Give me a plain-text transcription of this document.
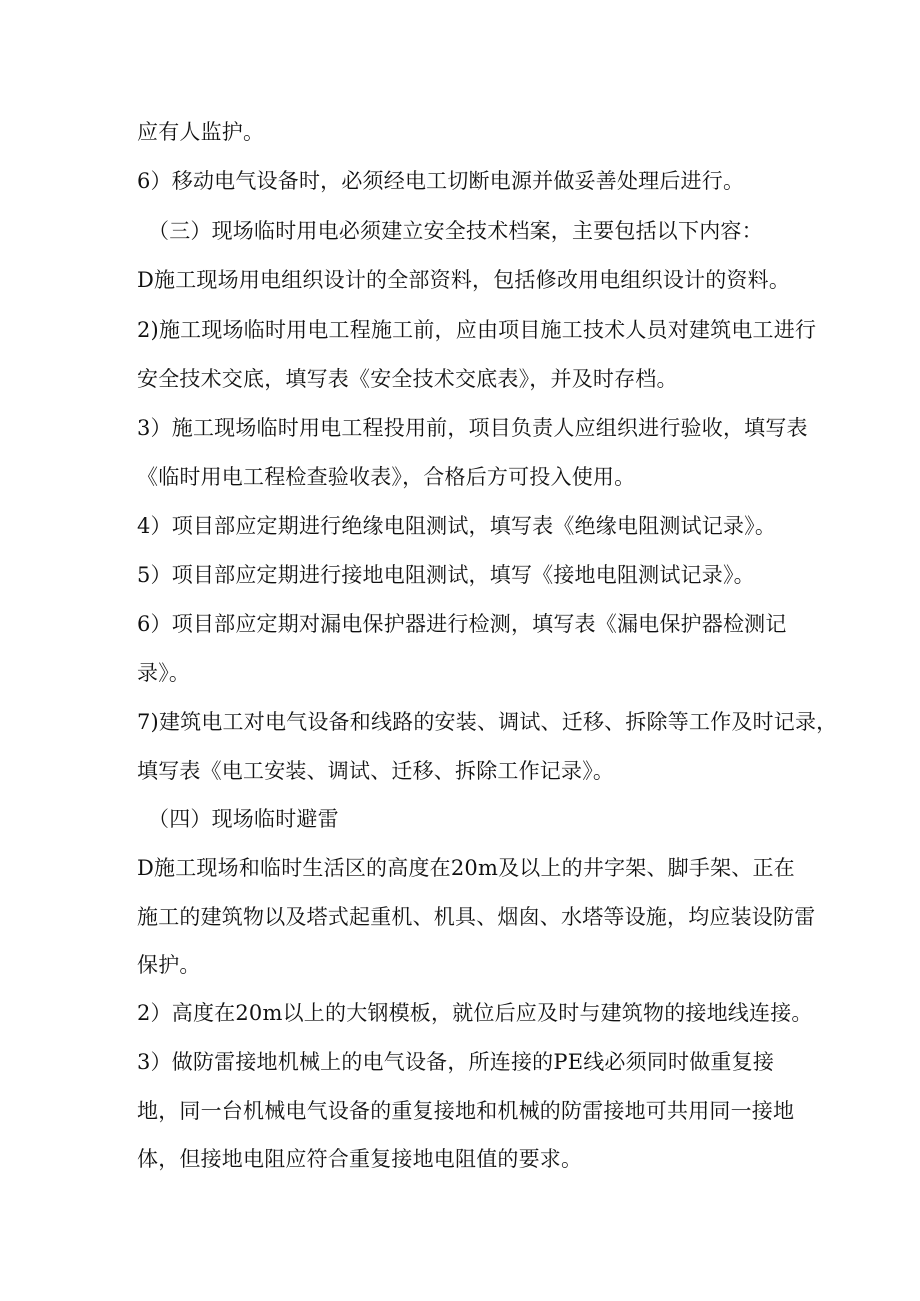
应有人监护。
6）移动电气设备时，必须经电工切断电源并做妥善处理后进行。
（三）现场临时用电必须建立安全技术档案，主要包括以下内容：
D施工现场用电组织设计的全部资料，包括修改用电组织设计的资料。
2)施工现场临时用电工程施工前，应由项目施工技术人员对建筑电工进行
安全技术交底，填写表《安全技术交底表》，并及时存档。
3）施工现场临时用电工程投用前，项目负责人应组织进行验收，填写表
《临时用电工程检查验收表》，合格后方可投入使用。
4）项目部应定期进行绝缘电阻测试，填写表《绝缘电阻测试记录》。
5）项目部应定期进行接地电阻测试，填写《接地电阻测试记录》。
6）项目部应定期对漏电保护器进行检测，填写表《漏电保护器检测记
录》。
7)建筑电工对电气设备和线路的安装、调试、迁移、拆除等工作及时记录，
填写表《电工安装、调试、迁移、拆除工作记录》。
（四）现场临时避雷
D施工现场和临时生活区的高度在20m及以上的井字架、脚手架、正在
施工的建筑物以及塔式起重机、机具、烟囱、水塔等设施，均应装设防雷
保护。
2）高度在20m以上的大钢模板，就位后应及时与建筑物的接地线连接。
3）做防雷接地机械上的电气设备，所连接的PE线必须同时做重复接
地，同一台机械电气设备的重复接地和机械的防雷接地可共用同一接地
体，但接地电阻应符合重复接地电阻值的要求。
